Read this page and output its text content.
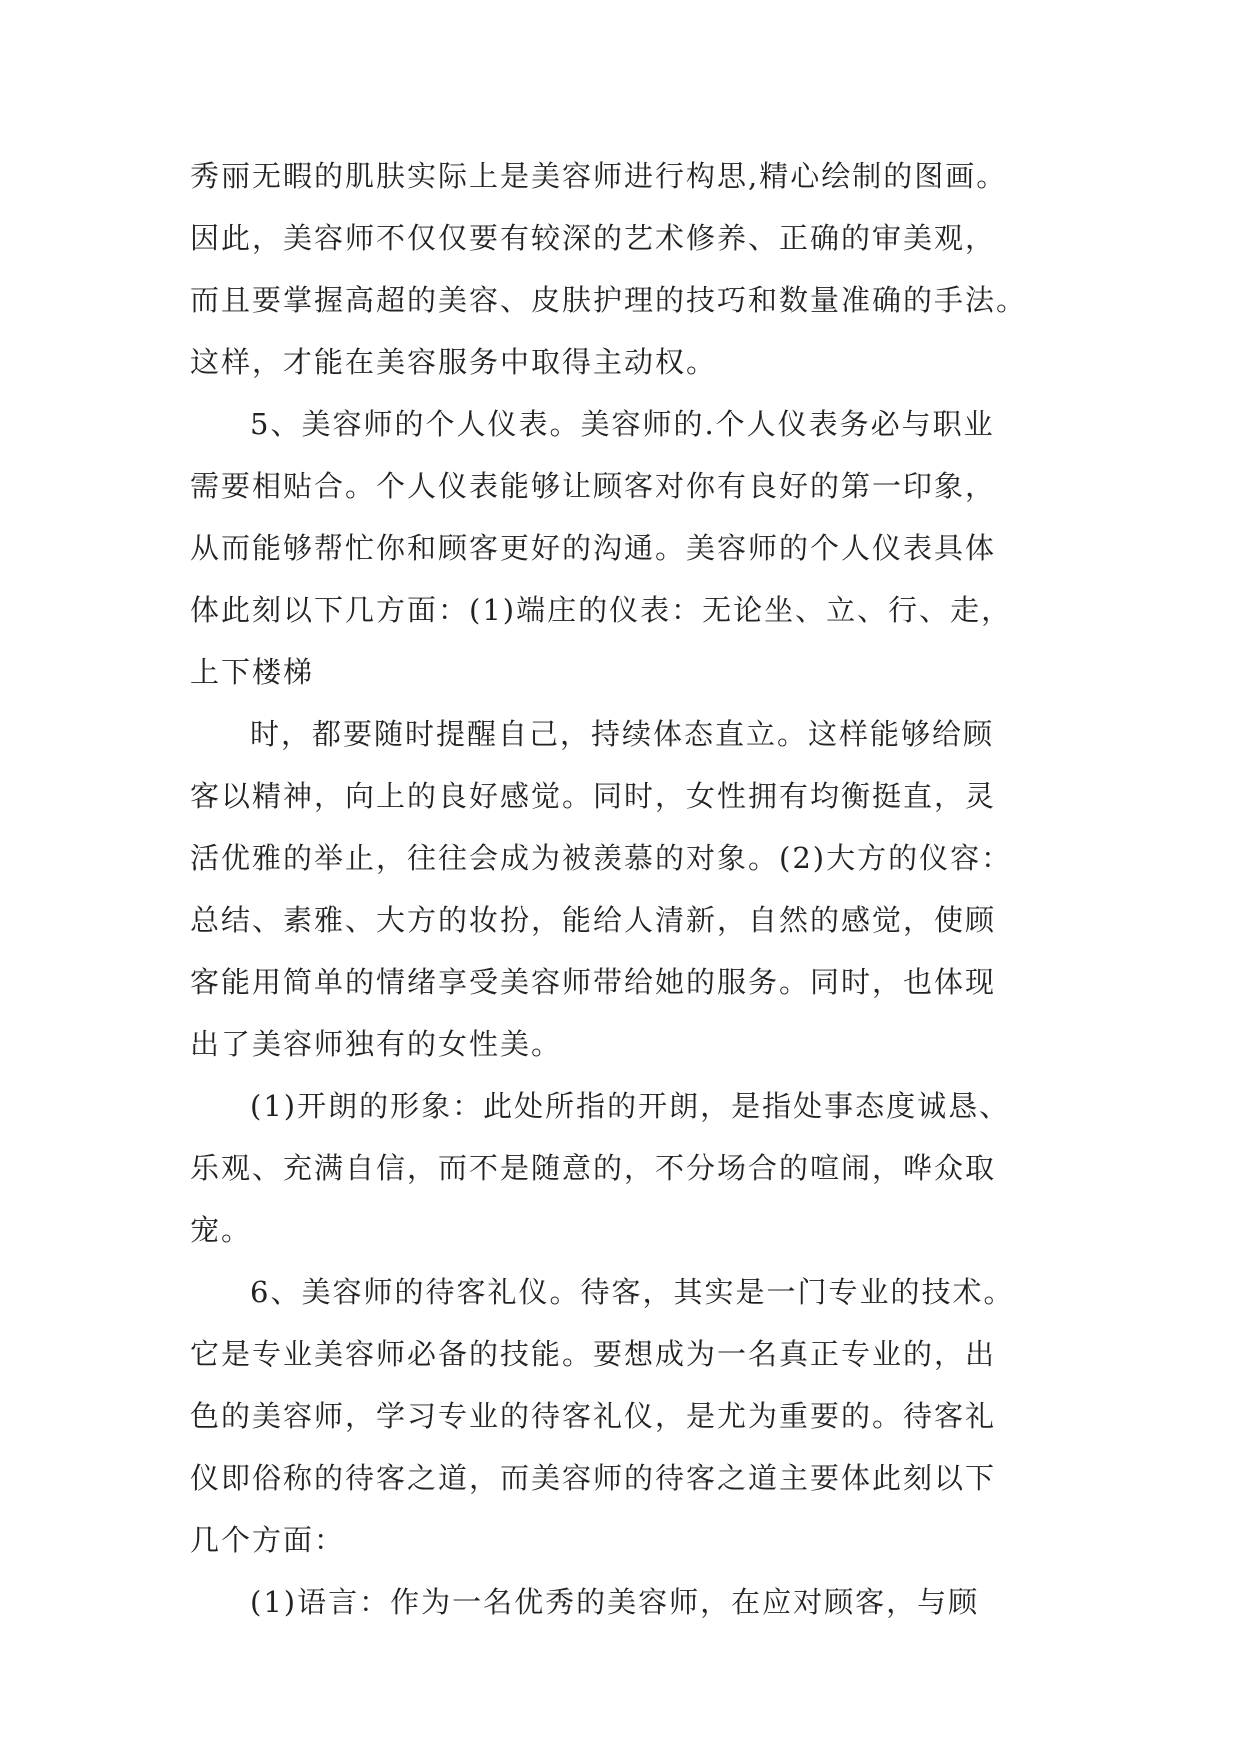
秀丽无暇的肌肤实际上是美容师进行构思,精心绘制的图画。
因此，美容师不仅仅要有较深的艺术修养、正确的审美观，
而且要掌握高超的美容、皮肤护理的技巧和数量准确的手法。
这样，才能在美容服务中取得主动权。
5、美容师的个人仪表。美容师的.个人仪表务必与职业
需要相贴合。个人仪表能够让顾客对你有良好的第一印象，
从而能够帮忙你和顾客更好的沟通。美容师的个人仪表具体
体此刻以下几方面：(1)端庄的仪表：无论坐、立、行、走，
上下楼梯
时，都要随时提醒自己，持续体态直立。这样能够给顾
客以精神，向上的良好感觉。同时，女性拥有均衡挺直，灵
活优雅的举止，往往会成为被羡慕的对象。(2)大方的仪容：
总结、素雅、大方的妆扮，能给人清新，自然的感觉，使顾
客能用简单的情绪享受美容师带给她的服务。同时，也体现
出了美容师独有的女性美。
(1)开朗的形象：此处所指的开朗，是指处事态度诚恳、
乐观、充满自信，而不是随意的，不分场合的喧闹，哗众取
宠。
6、美容师的待客礼仪。待客，其实是一门专业的技术。
它是专业美容师必备的技能。要想成为一名真正专业的，出
色的美容师，学习专业的待客礼仪，是尤为重要的。待客礼
仪即俗称的待客之道，而美容师的待客之道主要体此刻以下
几个方面：
(1)语言：作为一名优秀的美容师，在应对顾客，与顾
